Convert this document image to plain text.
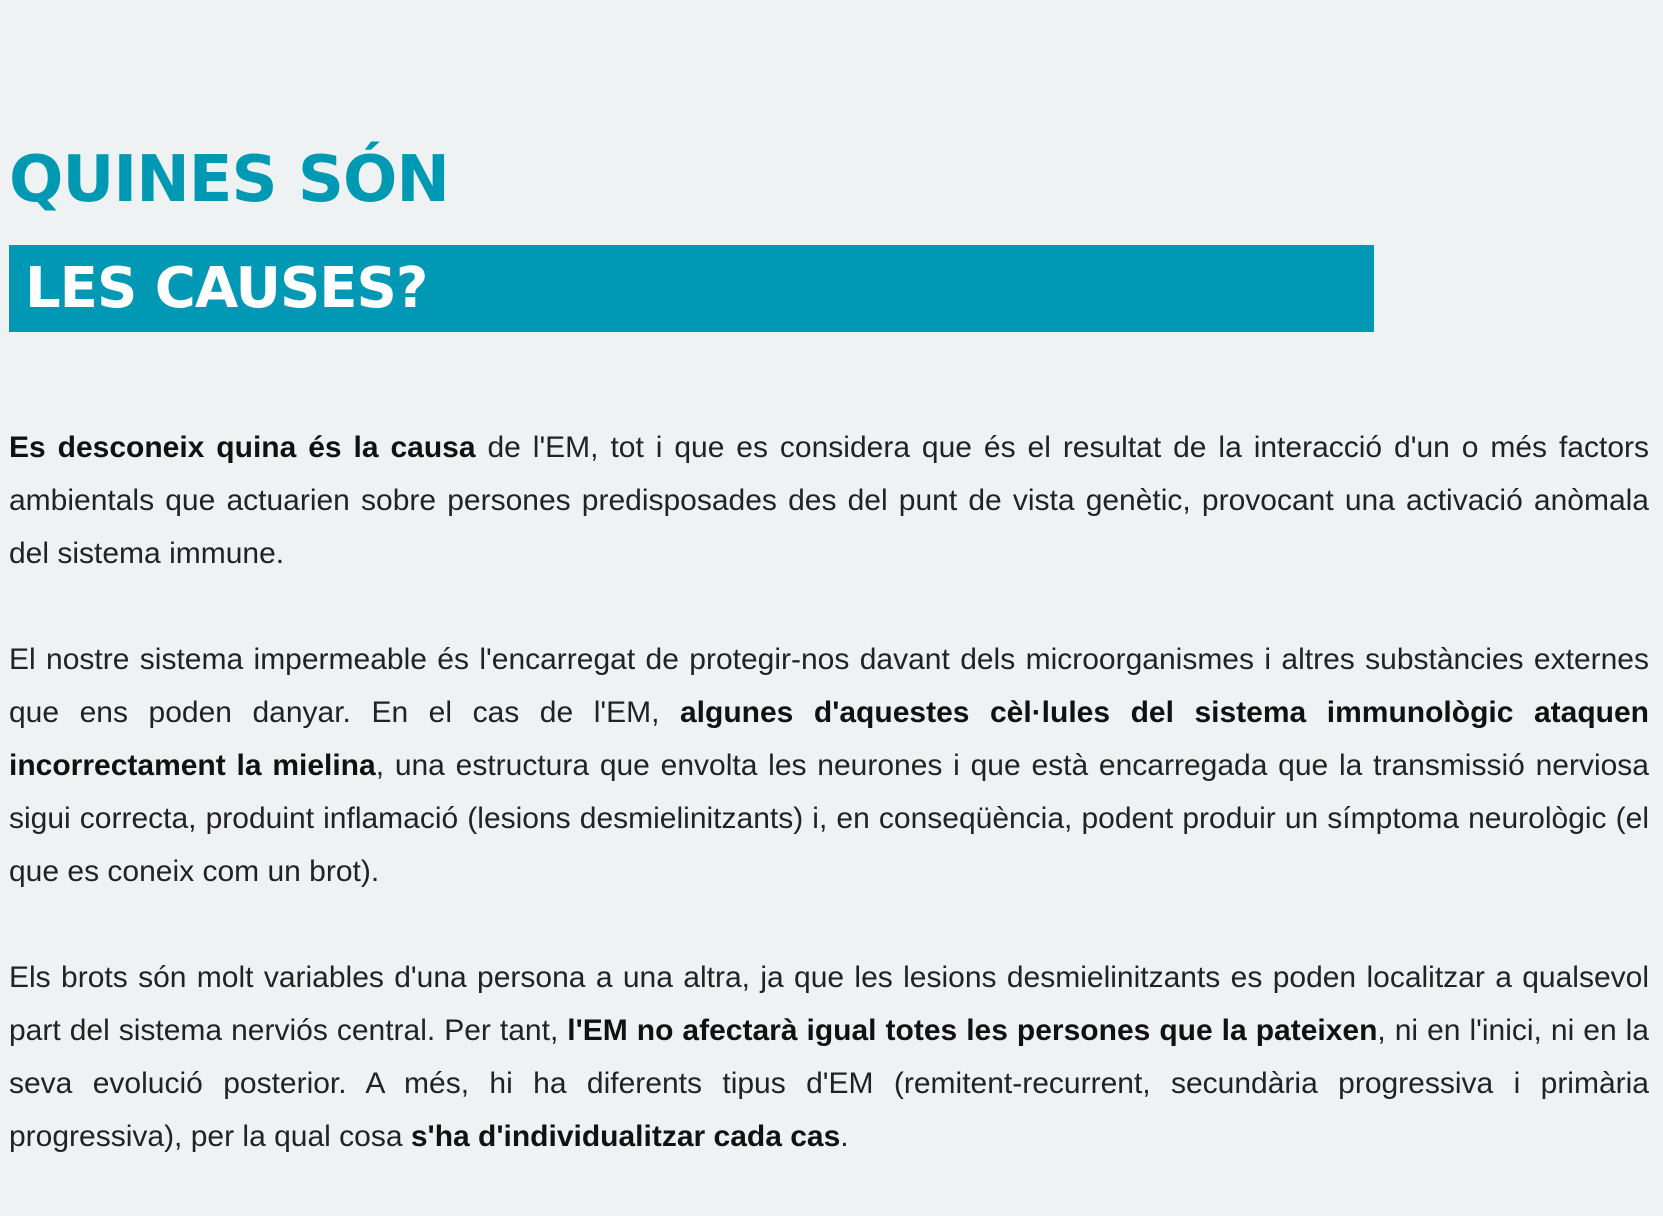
QUINES SÓN
LES CAUSES?

Es desconeix quina és la causa de l'EM, tot i que es considera que és el resultat de la interacció d'un o més factors ambientals que actuarien sobre persones predisposades des del punt de vista genètic, provocant una activació anòmala del sistema immune.

El nostre sistema impermeable és l'encarregat de protegir-nos davant dels microorganismes i altres substàncies externes que ens poden danyar. En el cas de l'EM, algunes d'aquestes cèl·lules del sistema immunològic ataquen incorrectament la mielina, una estructura que envolta les neurones i que està encarregada que la transmissió nerviosa sigui correcta, produint inflamació (lesions desmielinitzants) i, en conseqüència, podent produir un símptoma neurològic (el que es coneix com un brot).

Els brots són molt variables d'una persona a una altra, ja que les lesions desmielinitzants es poden localitzar a qualsevol part del sistema nerviós central. Per tant, l'EM no afectarà igual totes les persones que la pateixen, ni en l'inici, ni en la seva evolució posterior. A més, hi ha diferents tipus d'EM (remitent-recurrent, secundària progressiva i primària progressiva), per la qual cosa s'ha d'individualitzar cada cas.
